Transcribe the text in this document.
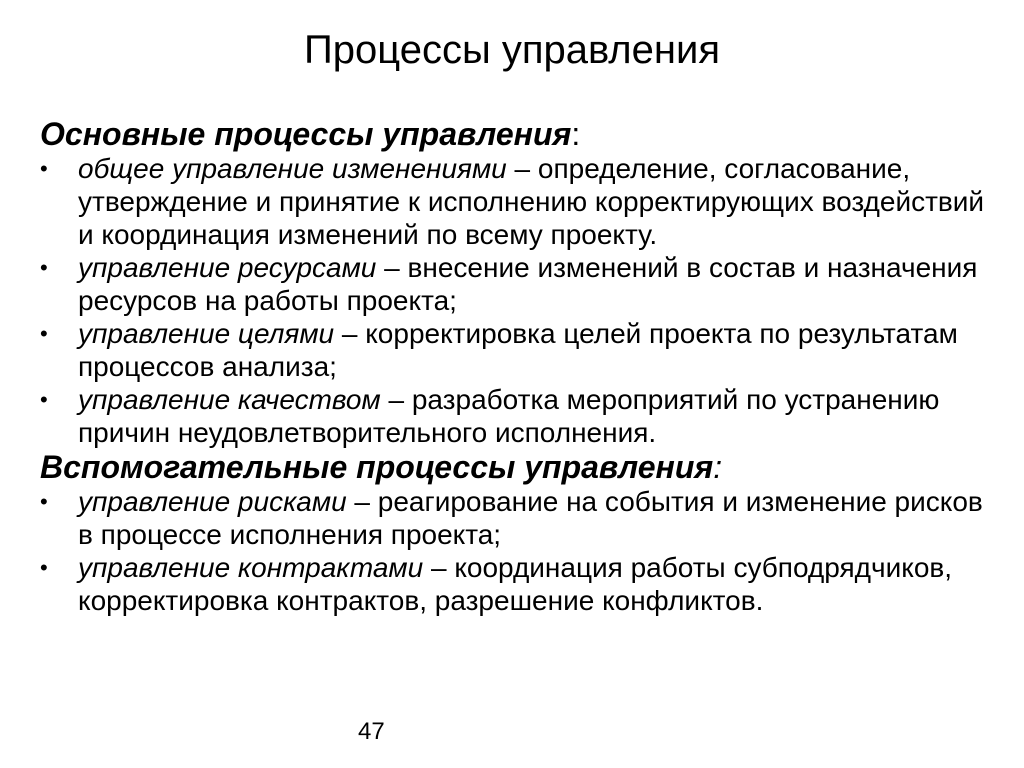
Процессы управления
Основные процессы управления:
• общее управление изменениями – определение, согласование, утверждение и принятие к исполнению корректирующих воздействий и координация изменений по всему проекту.
• управление ресурсами – внесение изменений в состав и назначения ресурсов на работы проекта;
• управление целями – корректировка целей проекта по результатам процессов анализа;
• управление качеством – разработка мероприятий по устранению причин неудовлетворительного исполнения.
Вспомогательные процессы управления:
• управление рисками – реагирование на события и изменение рисков в процессе исполнения проекта;
• управление контрактами – координация работы субподрядчиков, корректировка контрактов, разрешение конфликтов.
47
